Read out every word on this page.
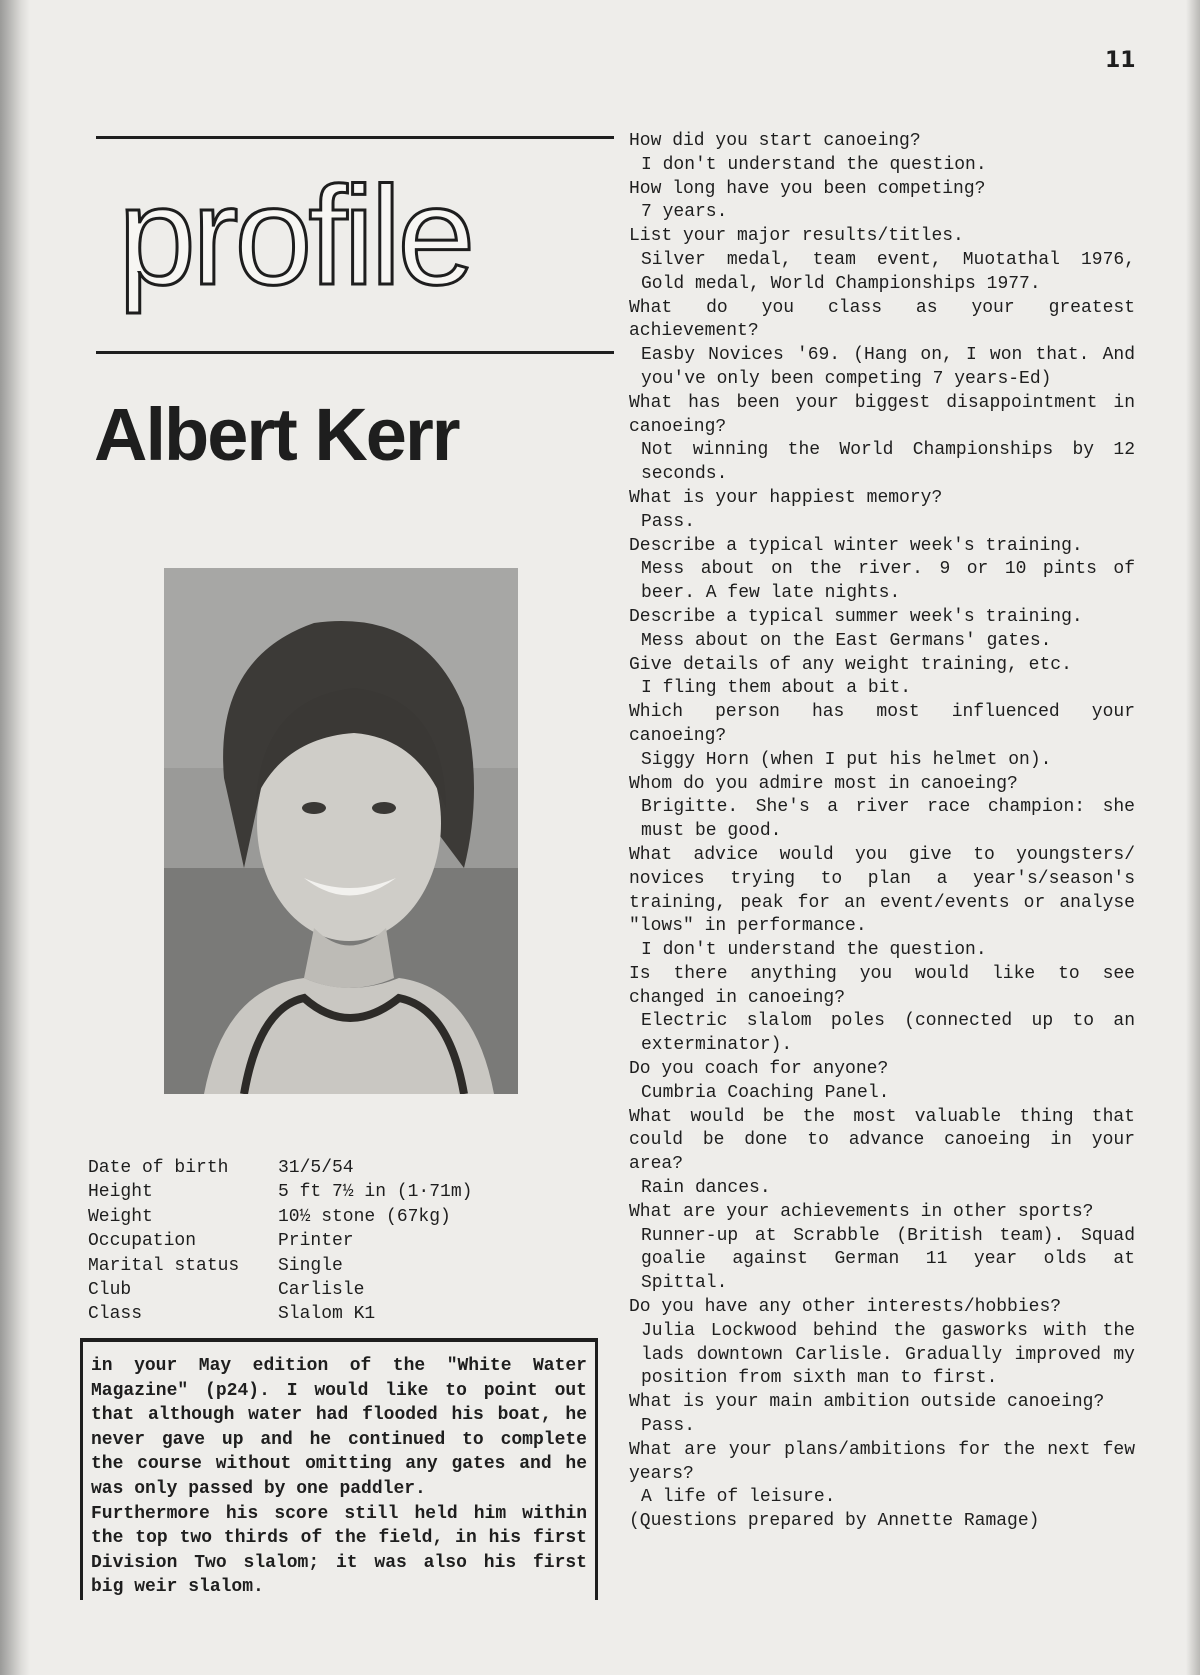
11
profile
Albert Kerr
Date of birth	31/5/54
Height	5 ft 7½ in (1·71m)
Weight	10½ stone (67kg)
Occupation	Printer
Marital status	Single
Club	Carlisle
Class	Slalom K1

in your May edition of the "White Water Magazine" (p24). I would like to point out that although water had flooded his boat, he never gave up and he continued to complete the course without omitting any gates and he was only passed by one paddler.

Furthermore his score still held him within the top two thirds of the field, in his first Division Two slalom; it was also his first big weir slalom.

How did you start canoeing?

I don't understand the question.

How long have you been competing?

7 years.

List your major results/titles.

Silver medal, team event, Muotathal 1976, Gold medal, World Championships 1977.

What do you class as your greatest achievement?

Easby Novices '69. (Hang on, I won that. And you've only been competing 7 years-Ed)

What has been your biggest disappointment in canoeing?

Not winning the World Championships by 12 seconds.

What is your happiest memory?

Pass.

Describe a typical winter week's training.

Mess about on the river. 9 or 10 pints of beer. A few late nights.

Describe a typical summer week's training.

Mess about on the East Germans' gates.

Give details of any weight training, etc.

I fling them about a bit.

Which person has most influenced your canoeing?

Siggy Horn (when I put his helmet on).

Whom do you admire most in canoeing?

Brigitte. She's a river race champion: she must be good.

What advice would you give to youngsters/ novices trying to plan a year's/season's training, peak for an event/events or analyse "lows" in performance.

I don't understand the question.

Is there anything you would like to see changed in canoeing?

Electric slalom poles (connected up to an exterminator).

Do you coach for anyone?

Cumbria Coaching Panel.

What would be the most valuable thing that could be done to advance canoeing in your area?

Rain dances.

What are your achievements in other sports?

Runner-up at Scrabble (British team). Squad goalie against German 11 year olds at Spittal.

Do you have any other interests/hobbies?

Julia Lockwood behind the gasworks with the lads downtown Carlisle. Gradually improved my position from sixth man to first.

What is your main ambition outside canoeing?

Pass.

What are your plans/ambitions for the next few years?

A life of leisure.

(Questions prepared by Annette Ramage)
